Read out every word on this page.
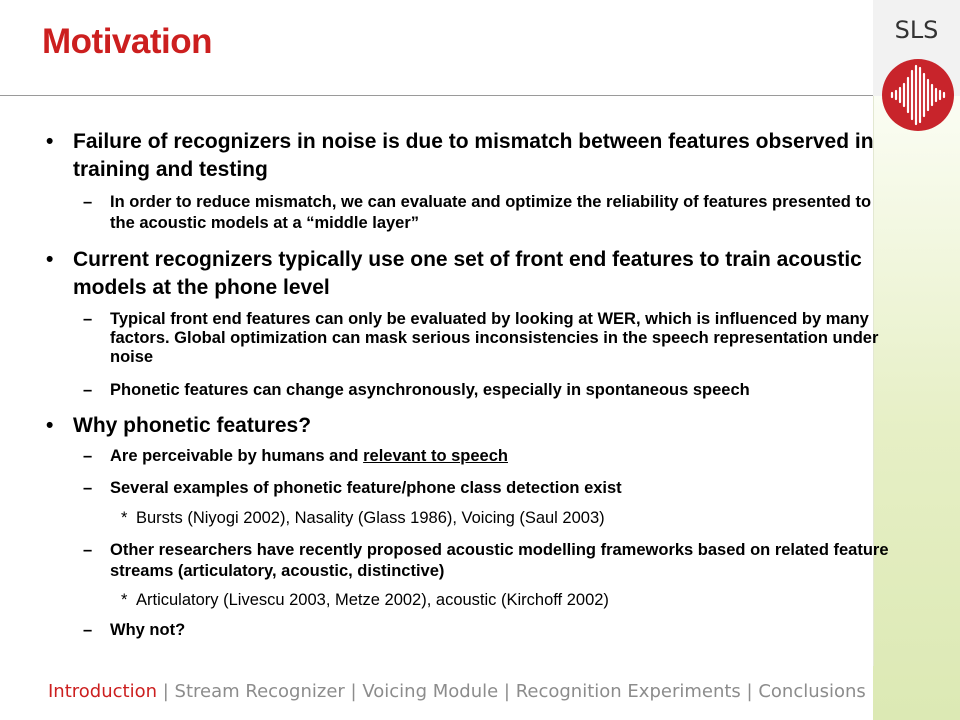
SLS
Motivation
• Failure of recognizers in noise is due to mismatch between features observed in training and testing
– In order to reduce mismatch, we can evaluate and optimize the reliability of features presented to the acoustic models at a “middle layer”
• Current recognizers typically use one set of front end features to train acoustic models at the phone level
– Typical front end features can only be evaluated by looking at WER, which is influenced by many factors. Global optimization can mask serious inconsistencies in the speech representation under noise
– Phonetic features can change asynchronously, especially in spontaneous speech
• Why phonetic features?
– Are perceivable by humans and relevant to speech
– Several examples of phonetic feature/phone class detection exist
* Bursts (Niyogi 2002), Nasality (Glass 1986), Voicing (Saul 2003)
– Other researchers have recently proposed acoustic modelling frameworks based on related feature streams (articulatory, acoustic, distinctive)
* Articulatory (Livescu 2003, Metze 2002), acoustic (Kirchoff 2002)
– Why not?
Introduction | Stream Recognizer | Voicing Module | Recognition Experiments | Conclusions
